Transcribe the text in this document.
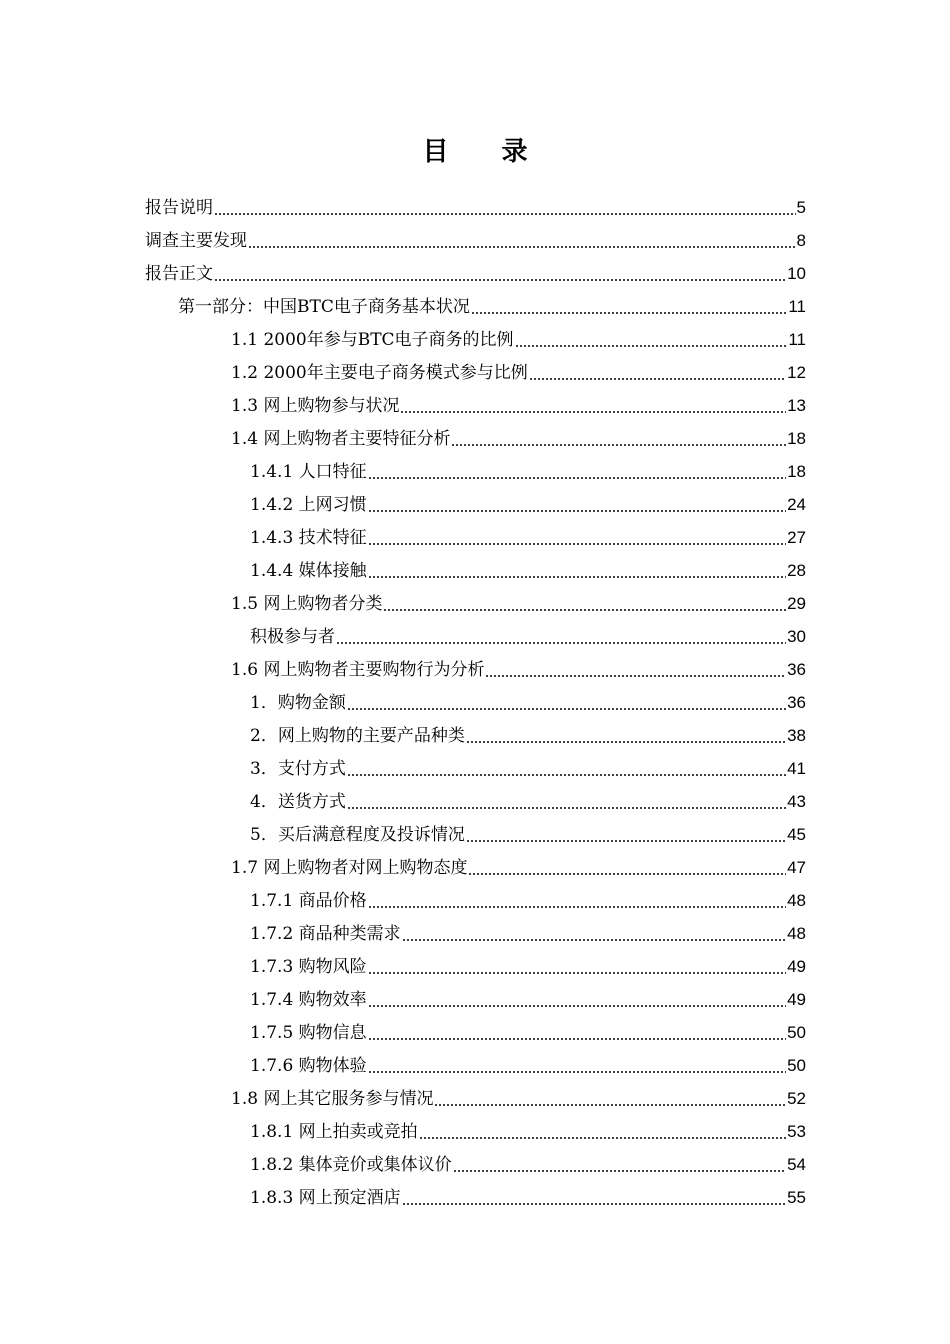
目 录
报告说明	5
调查主要发现	8
报告正文	10
第一部分：中国BTC电子商务基本状况	11
1.1 2000年参与BTC电子商务的比例	11
1.2 2000年主要电子商务模式参与比例	12
1.3 网上购物参与状况	13
1.4 网上购物者主要特征分析	18
1.4.1 人口特征	18
1.4.2 上网习惯	24
1.4.3 技术特征	27
1.4.4 媒体接触	28
1.5 网上购物者分类	29
积极参与者	30
1.6 网上购物者主要购物行为分析	36
1．购物金额	36
2．网上购物的主要产品种类	38
3．支付方式	41
4．送货方式	43
5．买后满意程度及投诉情况	45
1.7 网上购物者对网上购物态度	47
1.7.1 商品价格	48
1.7.2 商品种类需求	48
1.7.3 购物风险	49
1.7.4 购物效率	49
1.7.5 购物信息	50
1.7.6 购物体验	50
1.8 网上其它服务参与情况	52
1.8.1 网上拍卖或竞拍	53
1.8.2 集体竞价或集体议价	54
1.8.3 网上预定酒店	55
